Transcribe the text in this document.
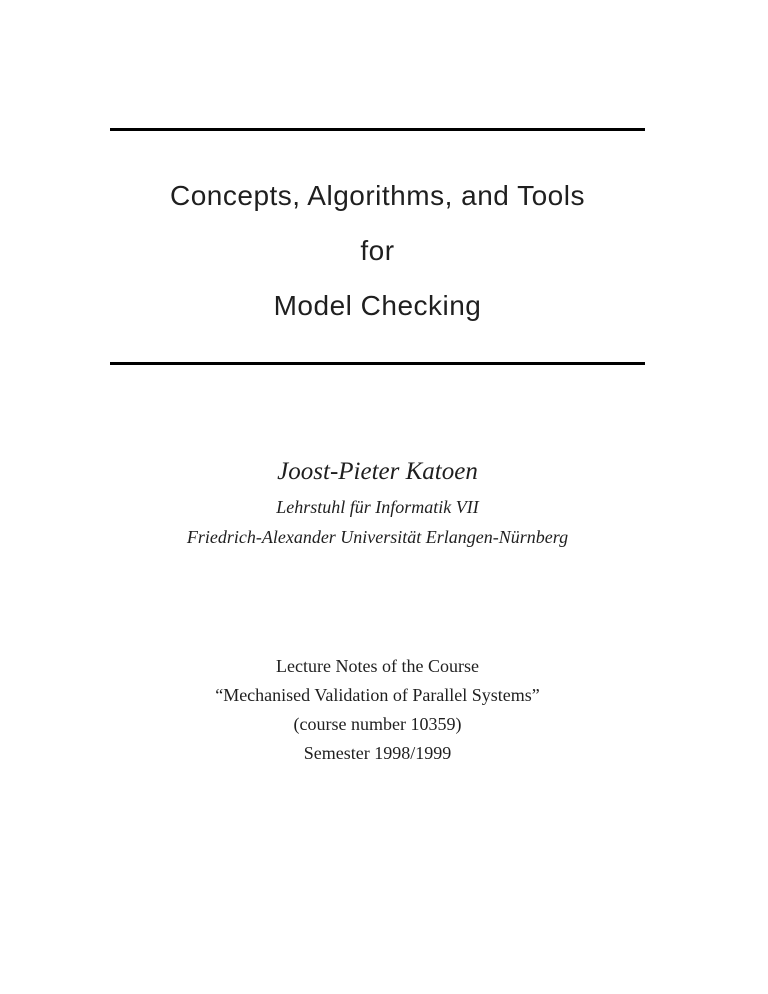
Concepts, Algorithms, and Tools
for
Model Checking
Joost-Pieter Katoen
Lehrstuhl für Informatik VII
Friedrich-Alexander Universität Erlangen-Nürnberg
Lecture Notes of the Course
“Mechanised Validation of Parallel Systems”
(course number 10359)
Semester 1998/1999
